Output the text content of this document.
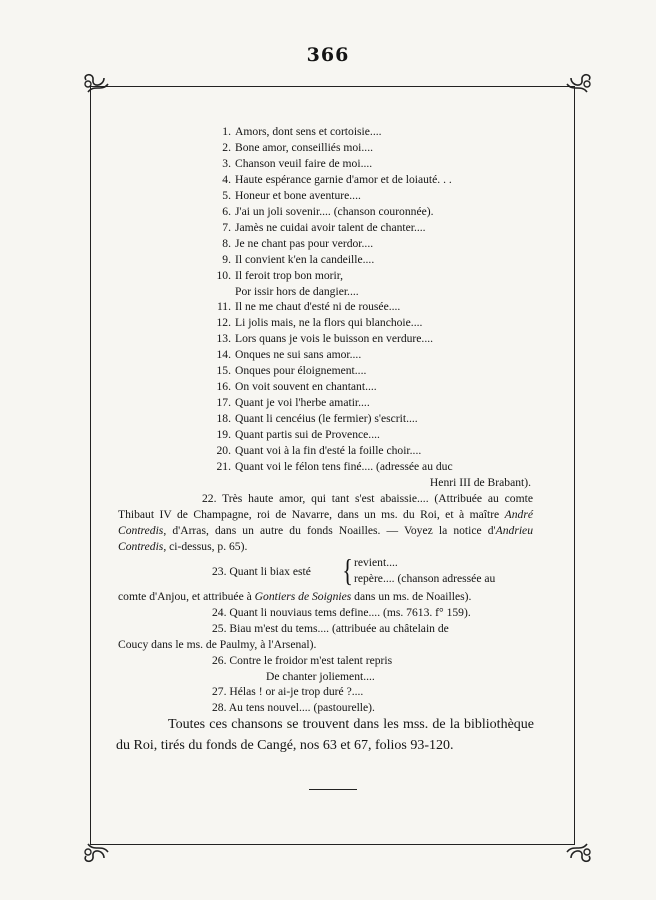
366
1. Amors, dont sens et cortoisie....
2. Bone amor, conseilliés moi....
3. Chanson veuil faire de moi....
4. Haute espérance garnie d'amor et de loiauté. . .
5. Honeur et bone aventure....
6. J'ai un joli sovenir.... (chanson couronnée).
7. Jamès ne cuidai avoir talent de chanter....
8. Je ne chant pas pour verdor....
9. Il convient k'en la candeille....
10. Il feroit trop bon morir,
Por issir hors de dangier....
11. Il ne me chaut d'esté ni de rousée....
12. Li jolis mais, ne la flors qui blanchoie....
13. Lors quans je vois le buisson en verdure....
14. Onques ne sui sans amor....
15. Onques pour éloignement....
16. On voit souvent en chantant....
17. Quant je voi l'herbe amatir....
18. Quant li cencéius (le fermier) s'escrit....
19. Quant partis sui de Provence....
20. Quant voi à la fin d'esté la foille choir....
21. Quant voi le félon tens finé.... (adressée au duc
Henri III de Brabant).
22. Très haute amor, qui tant s'est abaissie.... (Attribuée au comte Thibaut IV de Champagne, roi de Navarre, dans un ms. du Roi, et à maître André Contredis, d'Arras, dans un autre du fonds Noailles. — Voyez la notice d'Andrieu Contredis, ci-dessus, p. 65).
23. Quant li biax esté { revient....
repère.... (chanson adressée au
comte d'Anjou, et attribuée à Gontiers de Soignies dans un ms. de Noailles).
24. Quant li nouviaus tems define.... (ms. 7613. f° 159).
25. Biau m'est du tems.... (attribuée au châtelain de
Coucy dans le ms. de Paulmy, à l'Arsenal).
26. Contre le froidor m'est talent repris
De chanter joliement....
27. Hélas ! or ai-je trop duré ?....
28. Au tens nouvel.... (pastourelle).
Toutes ces chansons se trouvent dans les mss. de la bibliothèque du Roi, tirés du fonds de Cangé, nos 63 et 67, folios 93-120.
